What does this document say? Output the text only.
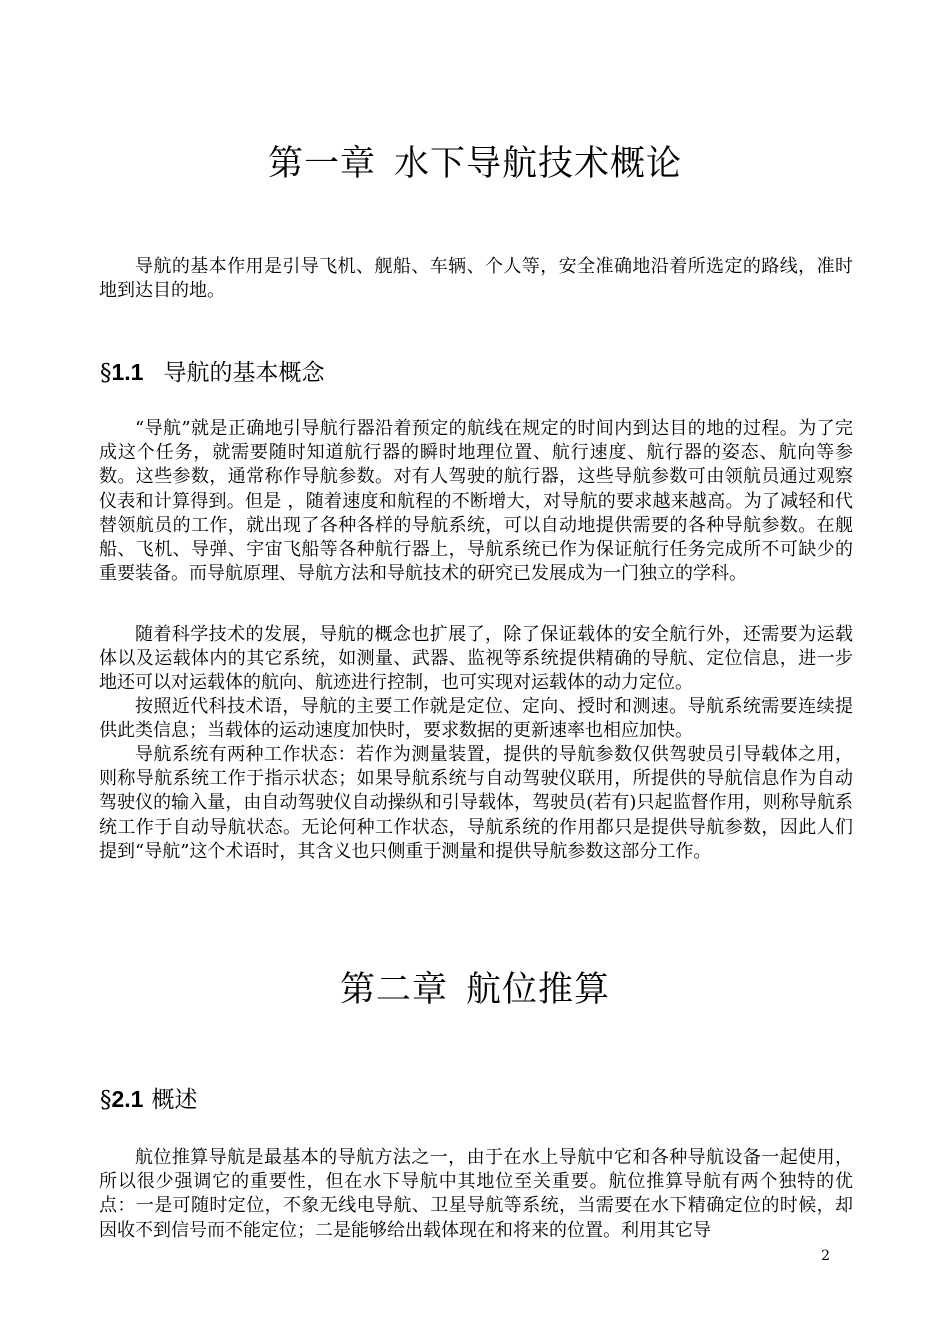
第一章 水下导航技术概论

导航的基本作用是引导飞机、舰船、车辆、个人等，安全准确地沿着所选定的路线，准时地到达目的地。

§1.1 导航的基本概念

“导航”就是正确地引导航行器沿着预定的航线在规定的时间内到达目的地的过程。为了完成这个任务，就需要随时知道航行器的瞬时地理位置、航行速度、航行器的姿态、航向等参数。这些参数，通常称作导航参数。对有人驾驶的航行器，这些导航参数可由领航员通过观察仪表和计算得到。但是 ，随着速度和航程的不断增大，对导航的要求越来越高。为了减轻和代替领航员的工作，就出现了各种各样的导航系统，可以自动地提供需要的各种导航参数。在舰船、飞机、导弹、宇宙飞船等各种航行器上，导航系统已作为保证航行任务完成所不可缺少的重要装备。而导航原理、导航方法和导航技术的研究已发展成为一门独立的学科。

随着科学技术的发展，导航的概念也扩展了，除了保证载体的安全航行外，还需要为运载体以及运载体内的其它系统，如测量、武器、监视等系统提供精确的导航、定位信息，进一步地还可以对运载体的航向、航迹进行控制，也可实现对运载体的动力定位。

按照近代科技术语，导航的主要工作就是定位、定向、授时和测速。导航系统需要连续提供此类信息；当载体的运动速度加快时，要求数据的更新速率也相应加快。

导航系统有两种工作状态：若作为测量装置，提供的导航参数仅供驾驶员引导载体之用，则称导航系统工作于指示状态；如果导航系统与自动驾驶仪联用，所提供的导航信息作为自动驾驶仪的输入量，由自动驾驶仪自动操纵和引导载体，驾驶员(若有)只起监督作用，则称导航系统工作于自动导航状态。无论何种工作状态，导航系统的作用都只是提供导航参数，因此人们提到“导航”这个术语时，其含义也只侧重于测量和提供导航参数这部分工作。

第二章 航位推算
§2.1 概述

航位推算导航是最基本的导航方法之一，由于在水上导航中它和各种导航设备一起使用，所以很少强调它的重要性，但在水下导航中其地位至关重要。航位推算导航有两个独特的优点：一是可随时定位，不象无线电导航、卫星导航等系统，当需要在水下精确定位的时候，却因收不到信号而不能定位；二是能够给出载体现在和将来的位置。利用其它导

2
